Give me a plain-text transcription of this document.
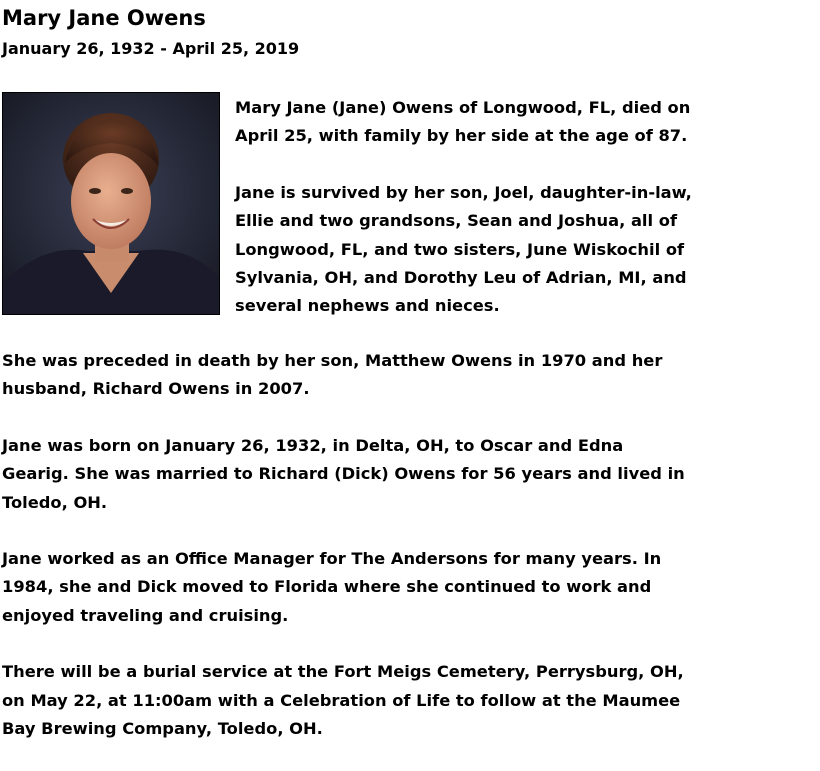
Mary Jane Owens
January 26, 1932 - April 25, 2019

Mary Jane (Jane) Owens of Longwood, FL, died on
April 25, with family by her side at the age of 87.

Jane is survived by her son, Joel, daughter-in-law,
Ellie and two grandsons, Sean and Joshua, all of
Longwood, FL, and two sisters, June Wiskochil of
Sylvania, OH, and Dorothy Leu of Adrian, MI, and
several nephews and nieces.

She was preceded in death by her son, Matthew Owens in 1970 and her
husband, Richard Owens in 2007.

Jane was born on January 26, 1932, in Delta, OH, to Oscar and Edna
Gearig. She was married to Richard (Dick) Owens for 56 years and lived in
Toledo, OH.

Jane worked as an Office Manager for The Andersons for many years. In
1984, she and Dick moved to Florida where she continued to work and
enjoyed traveling and cruising.

There will be a burial service at the Fort Meigs Cemetery, Perrysburg, OH,
on May 22, at 11:00am with a Celebration of Life to follow at the Maumee
Bay Brewing Company, Toledo, OH.
